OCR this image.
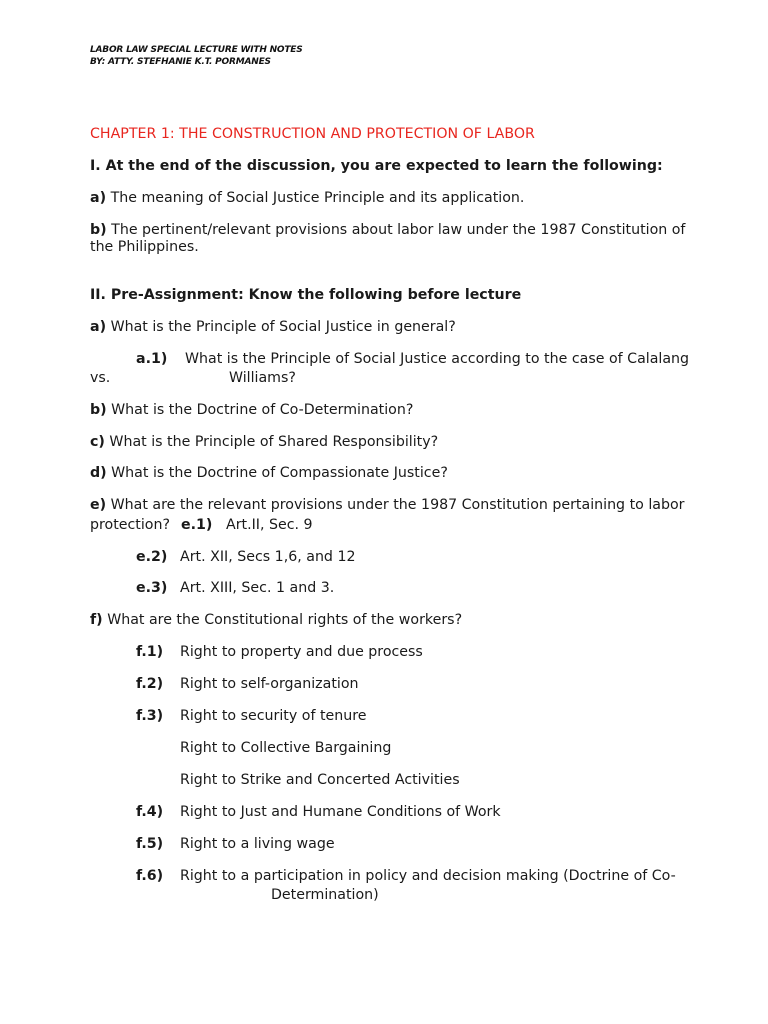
LABOR LAW SPECIAL LECTURE WITH NOTES
BY: ATTY. STEFHANIE K.T. PORMANES
CHAPTER 1: THE CONSTRUCTION AND PROTECTION OF LABOR
I. At the end of the discussion, you are expected to learn the following:
a) The meaning of Social Justice Principle and its application.
b) The pertinent/relevant provisions about labor law under the 1987 Constitution of
the Philippines.
II. Pre-Assignment: Know the following before lecture
a) What is the Principle of Social Justice in general?
a.1) What is the Principle of Social Justice according to the case of Calalang
vs.	Williams?
b) What is the Doctrine of Co-Determination?
c) What is the Principle of Shared Responsibility?
d) What is the Doctrine of Compassionate Justice?
e) What are the relevant provisions under the 1987 Constitution pertaining to labor
protection? e.1) Art.II, Sec. 9
e.2) Art. XII, Secs 1,6, and 12
e.3) Art. XIII, Sec. 1 and 3.
f) What are the Constitutional rights of the workers?
f.1) Right to property and due process
f.2) Right to self-organization
f.3) Right to security of tenure
Right to Collective Bargaining
Right to Strike and Concerted Activities
f.4) Right to Just and Humane Conditions of Work
f.5) Right to a living wage
f.6) Right to a participation in policy and decision making (Doctrine of Co-
Determination)
